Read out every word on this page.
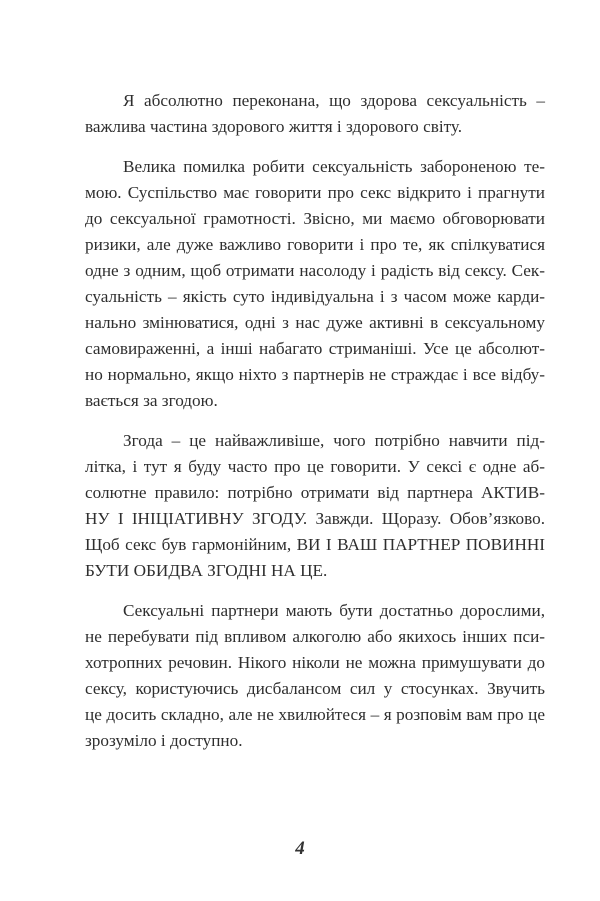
Я абсолютно переконана, що здорова сексуальність –
важлива частина здорового життя і здорового світу.
Велика помилка робити сексуальність забороненою те-
мою. Суспільство має говорити про секс відкрито і прагнути
до сексуальної грамотності. Звісно, ми маємо обговорювати
ризики, але дуже важливо говорити і про те, як спілкуватися
одне з одним, щоб отримати насолоду і радість від сексу. Сек-
суальність – якість суто індивідуальна і з часом може карди-
нально змінюватися, одні з нас дуже активні в сексуальному
самовираженні, а інші набагато стриманіші. Усе це абсолют-
но нормально, якщо ніхто з партнерів не страждає і все відбу-
вається за згодою.
Згода – це найважливіше, чого потрібно навчити під-
літка, і тут я буду часто про це говорити. У сексі є одне аб-
солютне правило: потрібно отримати від партнера АКТИВ-
НУ І ІНІЦІАТИВНУ ЗГОДУ. Завжди. Щоразу. Обов’язково.
Щоб секс був гармонійним, ВИ І ВАШ ПАРТНЕР ПОВИННІ
БУТИ ОБИДВА ЗГОДНІ НА ЦЕ.
Сексуальні партнери мають бути достатньо дорослими,
не перебувати під впливом алкоголю або якихось інших пси-
хотропних речовин. Нікого ніколи не можна примушувати до
сексу, користуючись дисбалансом сил у стосунках. Звучить
це досить складно, але не хвилюйтеся – я розповім вам про це
зрозуміло і доступно.
4
